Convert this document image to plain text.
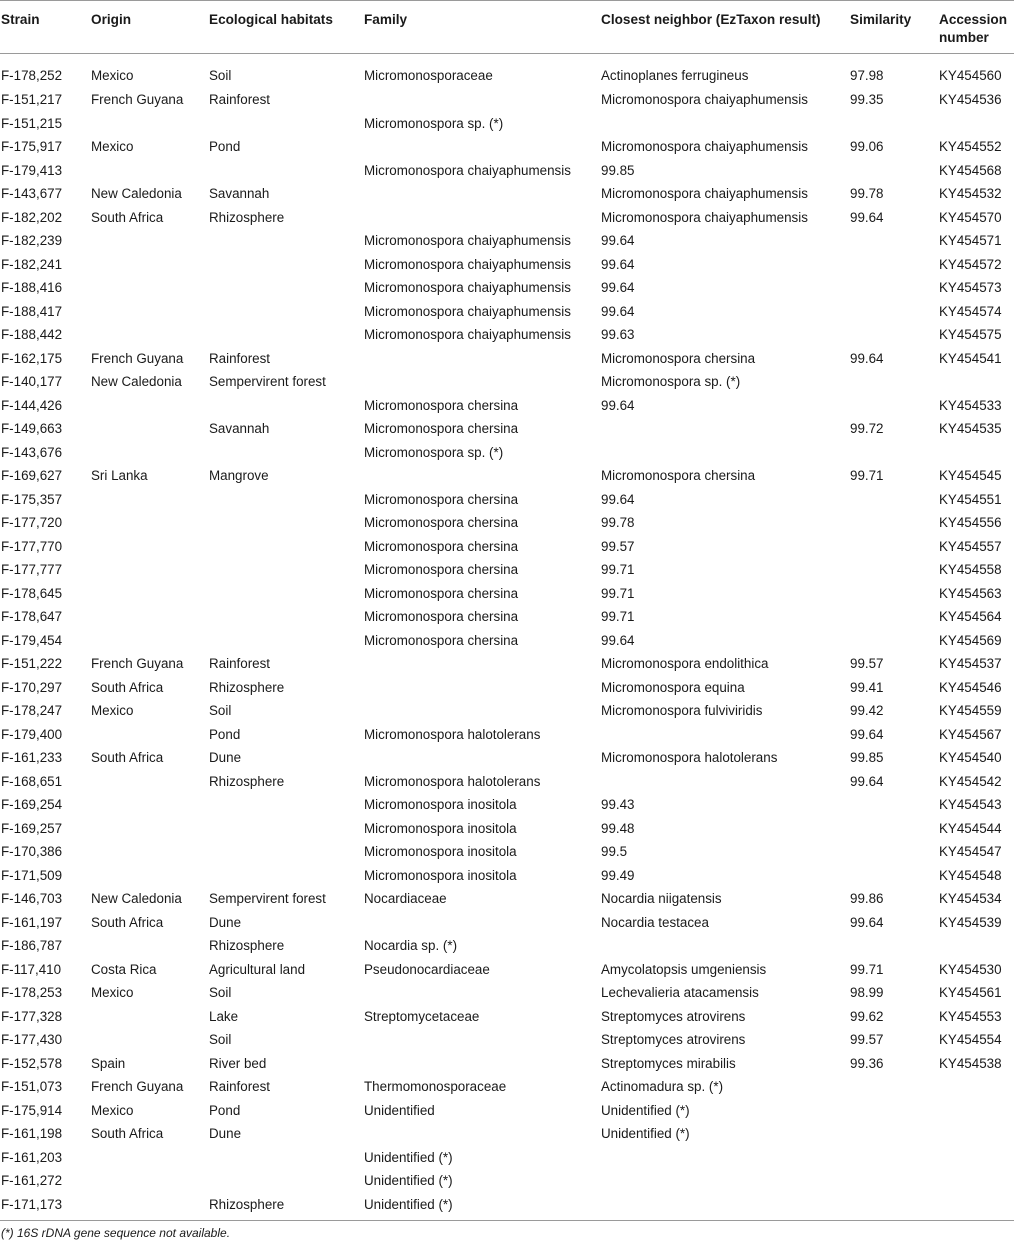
Strain	Origin	Ecological habitats	Family	Closest neighbor (EzTaxon result)	Similarity	Accession number
F-178,252	Mexico	Soil	Micromonosporaceae	Actinoplanes ferrugineus	97.98	KY454560
F-151,217	French Guyana	Rainforest		Micromonospora chaiyaphumensis	99.35	KY454536
F-151,215			Micromonospora sp. (*)			
F-175,917	Mexico	Pond		Micromonospora chaiyaphumensis	99.06	KY454552
F-179,413			Micromonospora chaiyaphumensis	99.85		KY454568
F-143,677	New Caledonia	Savannah		Micromonospora chaiyaphumensis	99.78	KY454532
F-182,202	South Africa	Rhizosphere		Micromonospora chaiyaphumensis	99.64	KY454570
F-182,239			Micromonospora chaiyaphumensis	99.64		KY454571
F-182,241			Micromonospora chaiyaphumensis	99.64		KY454572
F-188,416			Micromonospora chaiyaphumensis	99.64		KY454573
F-188,417			Micromonospora chaiyaphumensis	99.64		KY454574
F-188,442			Micromonospora chaiyaphumensis	99.63		KY454575
F-162,175	French Guyana	Rainforest		Micromonospora chersina	99.64	KY454541
F-140,177	New Caledonia	Sempervirent forest		Micromonospora sp. (*)		
F-144,426			Micromonospora chersina	99.64		KY454533
F-149,663		Savannah	Micromonospora chersina		99.72	KY454535
F-143,676			Micromonospora sp. (*)			
F-169,627	Sri Lanka	Mangrove		Micromonospora chersina	99.71	KY454545
F-175,357			Micromonospora chersina	99.64		KY454551
F-177,720			Micromonospora chersina	99.78		KY454556
F-177,770			Micromonospora chersina	99.57		KY454557
F-177,777			Micromonospora chersina	99.71		KY454558
F-178,645			Micromonospora chersina	99.71		KY454563
F-178,647			Micromonospora chersina	99.71		KY454564
F-179,454			Micromonospora chersina	99.64		KY454569
F-151,222	French Guyana	Rainforest		Micromonospora endolithica	99.57	KY454537
F-170,297	South Africa	Rhizosphere		Micromonospora equina	99.41	KY454546
F-178,247	Mexico	Soil		Micromonospora fulviviridis	99.42	KY454559
F-179,400		Pond	Micromonospora halotolerans		99.64	KY454567
F-161,233	South Africa	Dune		Micromonospora halotolerans	99.85	KY454540
F-168,651		Rhizosphere	Micromonospora halotolerans		99.64	KY454542
F-169,254			Micromonospora inositola	99.43		KY454543
F-169,257			Micromonospora inositola	99.48		KY454544
F-170,386			Micromonospora inositola	99.5		KY454547
F-171,509			Micromonospora inositola	99.49		KY454548
F-146,703	New Caledonia	Sempervirent forest	Nocardiaceae	Nocardia niigatensis	99.86	KY454534
F-161,197	South Africa	Dune		Nocardia testacea	99.64	KY454539
F-186,787		Rhizosphere	Nocardia sp. (*)			
F-117,410	Costa Rica	Agricultural land	Pseudonocardiaceae	Amycolatopsis umgeniensis	99.71	KY454530
F-178,253	Mexico	Soil		Lechevalieria atacamensis	98.99	KY454561
F-177,328		Lake	Streptomycetaceae	Streptomyces atrovirens	99.62	KY454553
F-177,430		Soil		Streptomyces atrovirens	99.57	KY454554
F-152,578	Spain	River bed		Streptomyces mirabilis	99.36	KY454538
F-151,073	French Guyana	Rainforest	Thermomonosporaceae	Actinomadura sp. (*)		
F-175,914	Mexico	Pond	Unidentified	Unidentified (*)		
F-161,198	South Africa	Dune		Unidentified (*)		
F-161,203			Unidentified (*)			
F-161,272			Unidentified (*)			
F-171,173		Rhizosphere	Unidentified (*)			
(*) 16S rDNA gene sequence not available.
